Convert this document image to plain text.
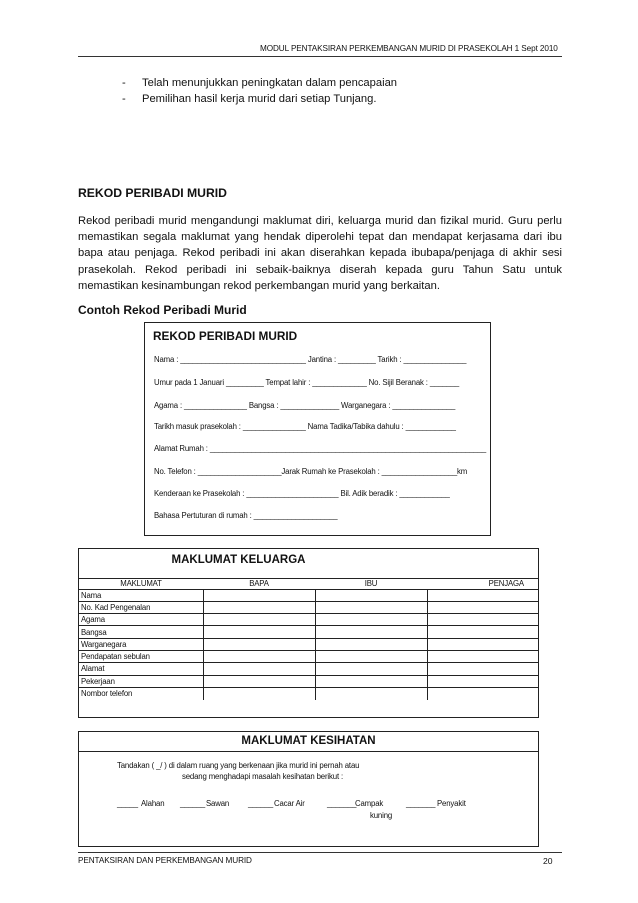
MODUL PENTAKSIRAN PERKEMBANGAN MURID DI PRASEKOLAH 1 Sept 2010
-	Telah menunjukkan peningkatan dalam pencapaian
-	Pemilihan hasil kerja murid dari setiap Tunjang.
REKOD PERIBADI MURID
Rekod peribadi murid mengandungi maklumat diri, keluarga murid dan fizikal murid. Guru perlu memastikan segala maklumat yang hendak diperolehi tepat dan mendapat kerjasama dari ibu bapa atau penjaga. Rekod peribadi ini akan diserahkan kepada ibubapa/penjaga di akhir sesi prasekolah. Rekod peribadi ini sebaik-baiknya diserah kepada guru Tahun Satu untuk memastikan kesinambungan rekod perkembangan murid yang berkaitan.
Contoh Rekod Peribadi Murid
REKOD PERIBADI MURID
Nama : ______________________________ Jantina : _________ Tarikh : _______________
Umur pada 1 Januari _________ Tempat lahir : _____________ No. Sijil Beranak : _______
Agama : _______________ Bangsa : ______________ Warganegara : _______________
Tarikh masuk prasekolah : _______________ Nama Tadika/Tabika dahulu : ____________
Alamat Rumah : __________________________________________________________________
No. Telefon : ____________________Jarak Rumah ke Prasekolah : __________________km
Kenderaan ke Prasekolah : ______________________ Bil. Adik beradik : ____________
Bahasa Pertuturan di rumah : ____________________
MAKLUMAT KELUARGA
MAKLUMAT	BAPA	IBU	PENJAGA
Nama			
No. Kad Pengenalan			
Agama			
Bangsa			
Warganegara			
Pendapatan sebulan			
Alamat			
Pekerjaan			
Nombor telefon			
MAKLUMAT KESIHATAN
Tandakan ( _/ ) di dalam ruang yang berkenaan jika murid ini pernah atau
sedang menghadapi masalah kesihatan berikut :
_____ Alahan ______ Sawan ______ Cacar Air	_______
Campak	_______ Penyakit
kuning
PENTAKSIRAN DAN PERKEMBANGAN MURID	20
